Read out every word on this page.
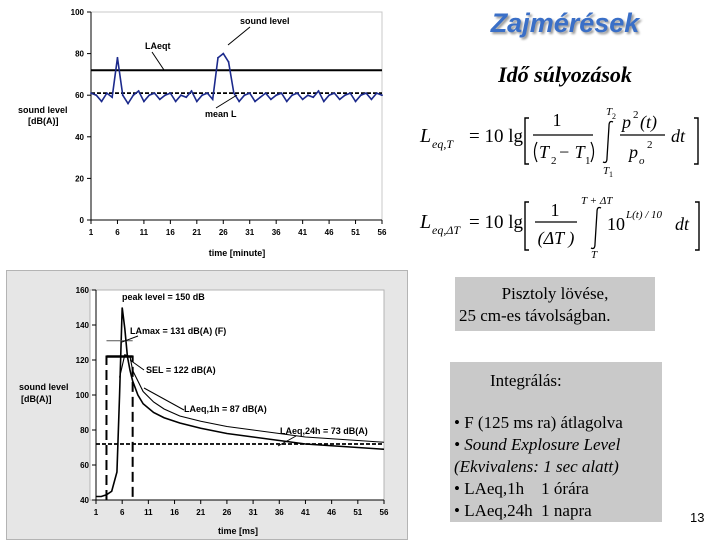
0
20
40
60
80
100
1	6 11 16 21 26 31 36 41 46 51 56
sound level
[dB(A)]
time [minute]
LAeqt
sound level
mean L
40
60
80
100
120
140
160
1	6 11 16 21 26 31 36 41 46 51 56
sound level
[dB(A)]
time [ms]
peak level = 150 dB
LAmax = 131 dB(A) (F)
SEL = 122 dB(A)
LAeq,1h = 87 dB(A)
LAeq,24h = 73 dB(A)
Zajmérések
Idő súlyozások
L eq,T = 10 lg
1
T 2 − T 1
T 2
T 1
p 2 (t)
p o
2 dt
L eq,ΔT = 10 lg
1
(ΔT )
T + ΔT
T
10 L(t) / 10 dt
Pisztoly lövése,
25 cm-es távolságban.
Integrálás:
• F (125 ms ra) átlagolva
• Sound Explosure Level
(Ekvivalens: 1 sec alatt)
• LAeq,1h    1 órára
• LAeq,24h  1 napra	13
